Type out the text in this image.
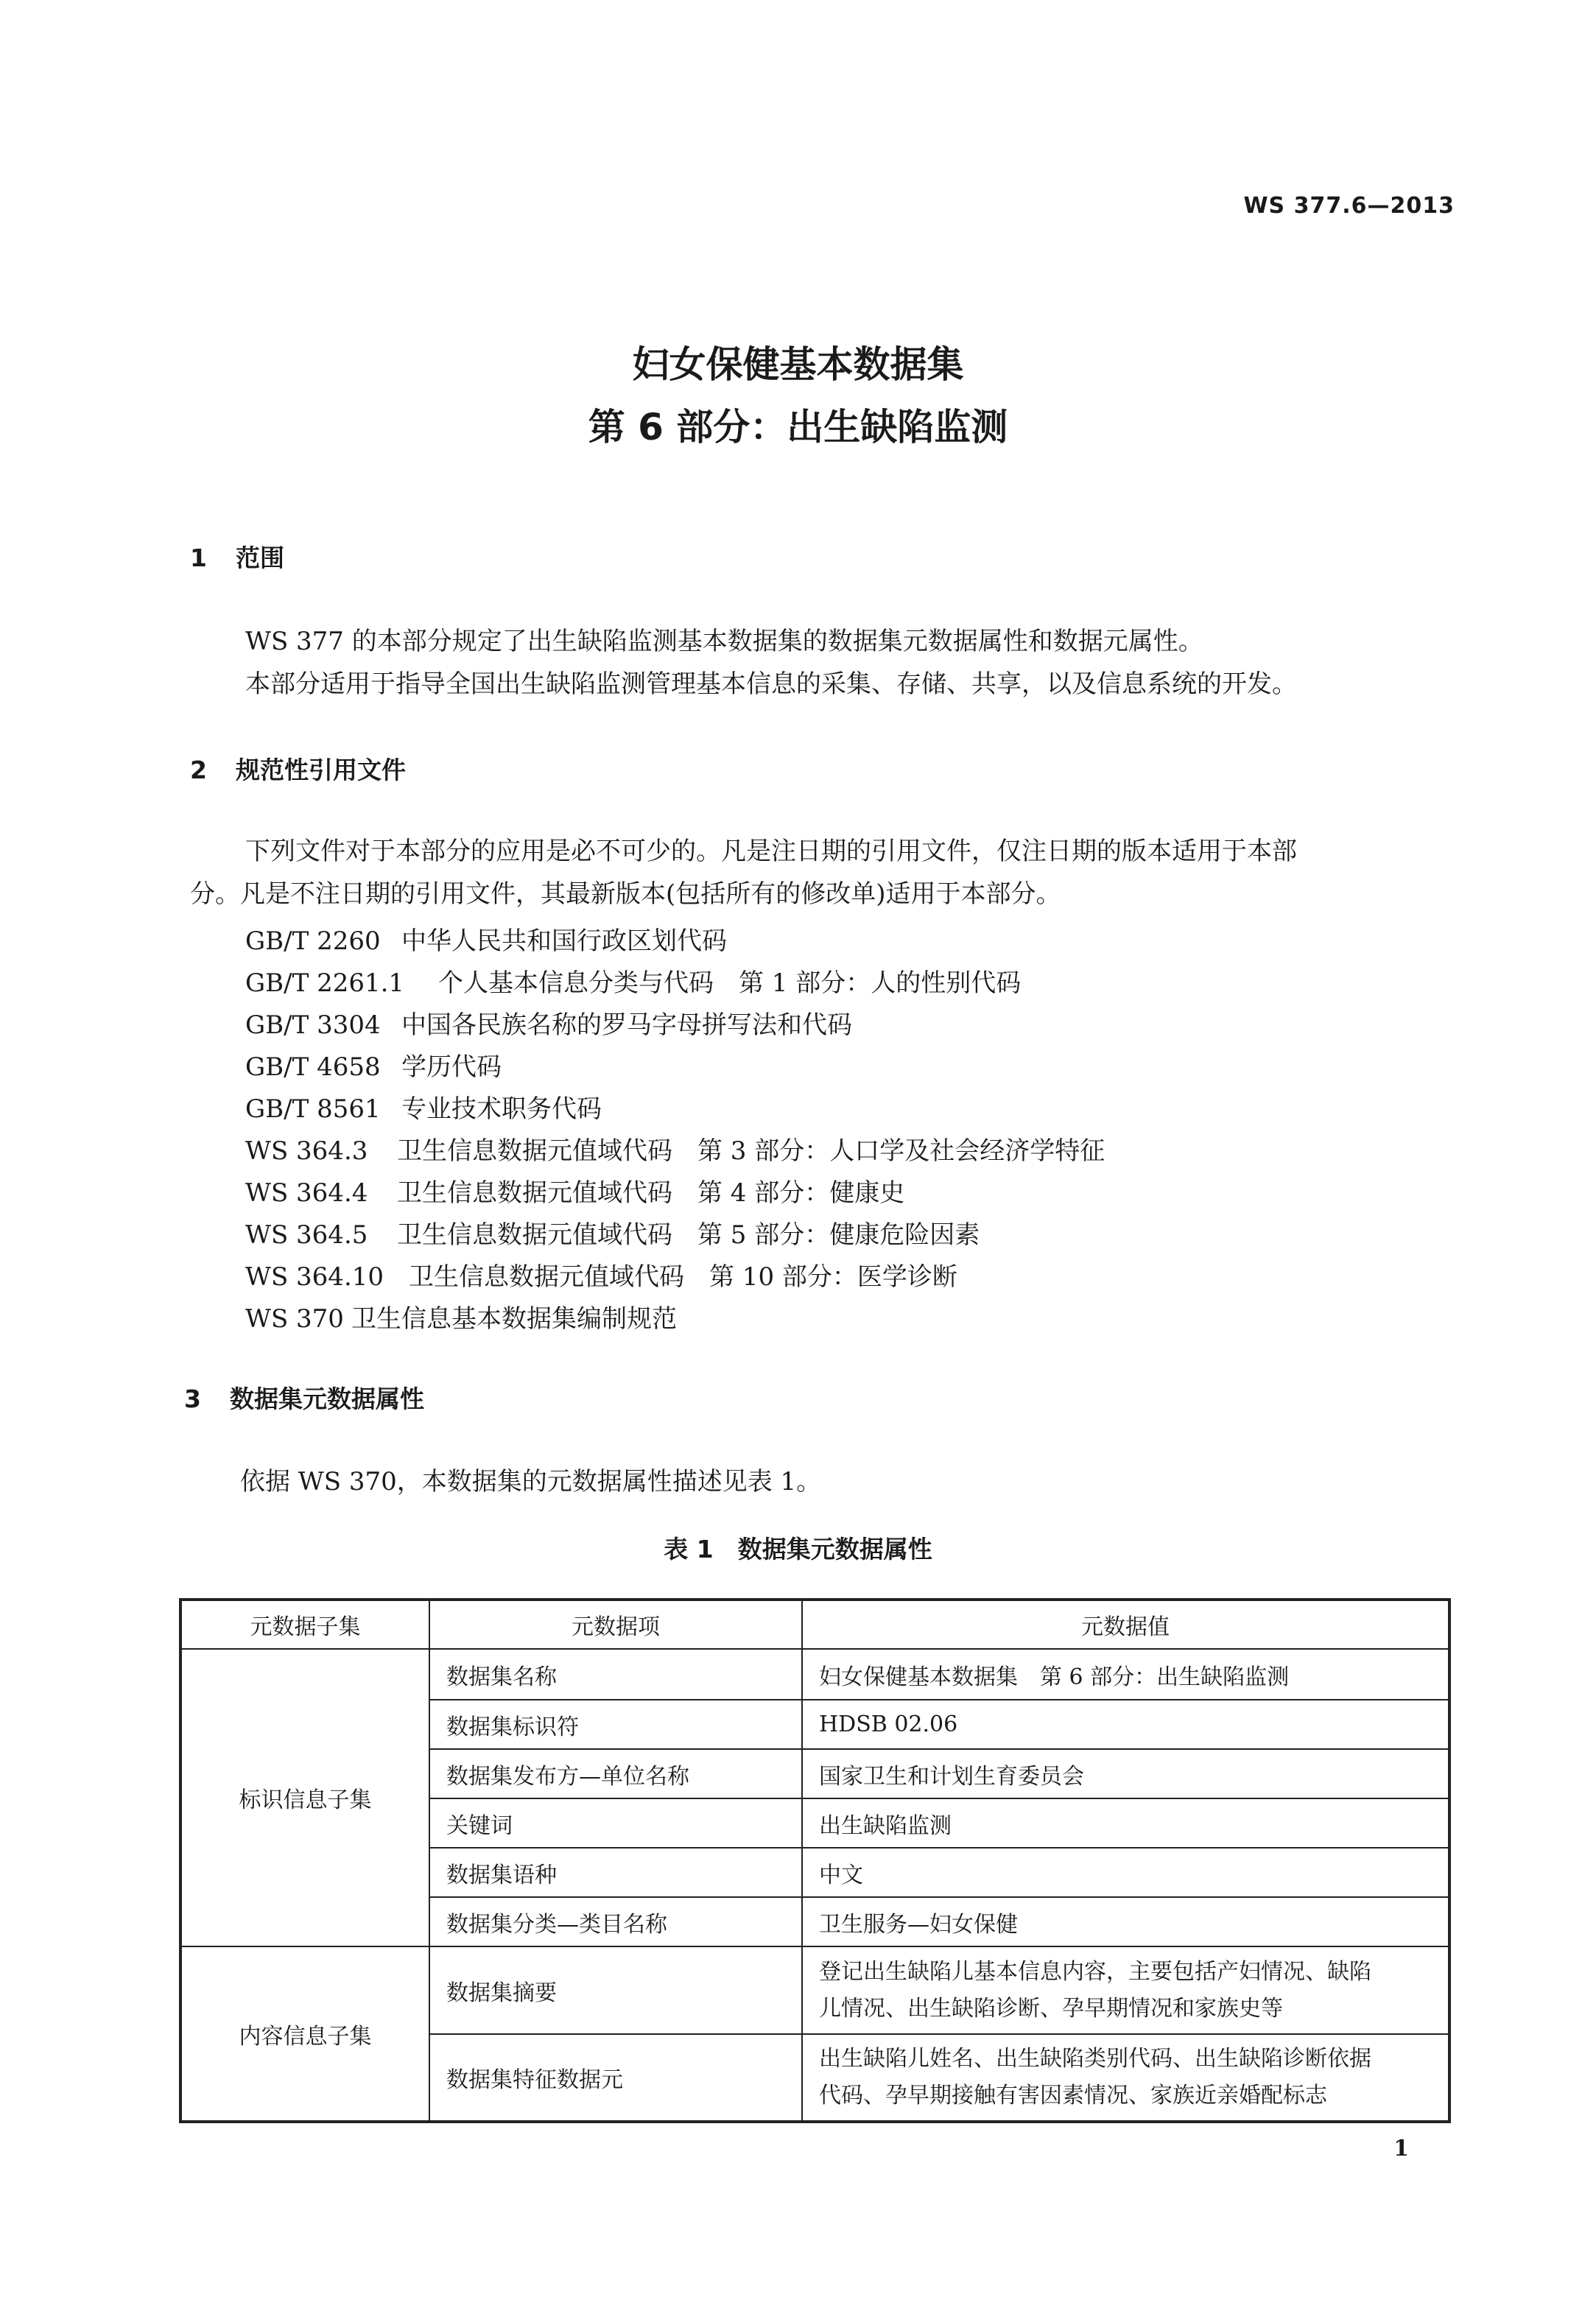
WS 377.6—2013
妇女保健基本数据集
第 6 部分：出生缺陷监测
1 范围
WS 377 的本部分规定了出生缺陷监测基本数据集的数据集元数据属性和数据元属性。
本部分适用于指导全国出生缺陷监测管理基本信息的采集、存储、共享，以及信息系统的开发。
2 规范性引用文件
下列文件对于本部分的应用是必不可少的。凡是注日期的引用文件，仅注日期的版本适用于本部
分。凡是不注日期的引用文件，其最新版本(包括所有的修改单)适用于本部分。
GB/T 2260 中华人民共和国行政区划代码
GB/T 2261.1 个人基本信息分类与代码　第 1 部分：人的性别代码
GB/T 3304 中国各民族名称的罗马字母拼写法和代码
GB/T 4658 学历代码
GB/T 8561 专业技术职务代码
WS 364.3 卫生信息数据元值域代码　第 3 部分：人口学及社会经济学特征
WS 364.4 卫生信息数据元值域代码　第 4 部分：健康史
WS 364.5 卫生信息数据元值域代码　第 5 部分：健康危险因素
WS 364.10 卫生信息数据元值域代码　第 10 部分：医学诊断
WS 370 卫生信息基本数据集编制规范
3 数据集元数据属性
依据 WS 370，本数据集的元数据属性描述见表 1。
表 1　数据集元数据属性
元数据子集	元数据项	元数据值
标识信息子集	数据集名称	妇女保健基本数据集　第 6 部分：出生缺陷监测
	数据集标识符	HDSB 02.06
	数据集发布方—单位名称	国家卫生和计划生育委员会
	关键词	出生缺陷监测
	数据集语种	中文
	数据集分类—类目名称	卫生服务—妇女保健
内容信息子集	数据集摘要	登记出生缺陷儿基本信息内容，主要包括产妇情况、缺陷
儿情况、出生缺陷诊断、孕早期情况和家族史等

	数据集特征数据元	出生缺陷儿姓名、出生缺陷类别代码、出生缺陷诊断依据
代码、孕早期接触有害因素情况、家族近亲婚配标志
1
